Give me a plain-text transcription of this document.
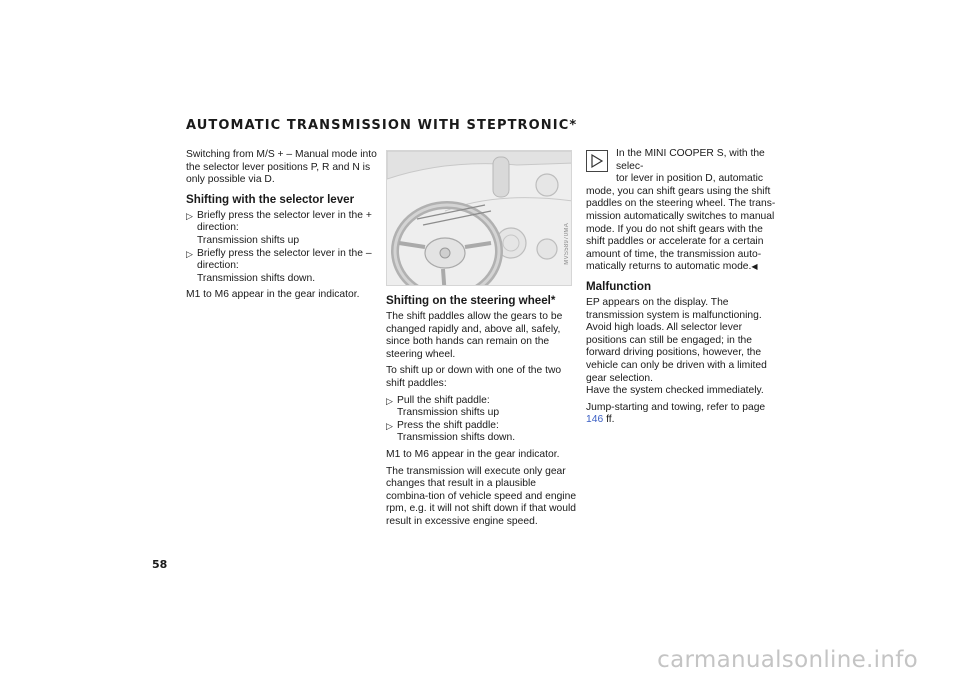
AUTOMATIC TRANSMISSION WITH STEPTRONIC*
Switching from M/S + – Manual mode into the selector lever positions P, R and N is only possible via D.
Shifting with the selector lever
▷ Briefly press the selector lever in the +
direction:
Transmission shifts up
▷ Briefly press the selector lever in the –
direction:
Transmission shifts down.
M1 to M6 appear in the gear indicator.
MVS58970MA
Shifting on the steering wheel*
The shift paddles allow the gears to be changed rapidly and, above all, safely, since both hands can remain on the steering wheel.
To shift up or down with one of the two shift paddles:
▷ Pull the shift paddle:
Transmission shifts up
▷ Press the shift paddle:
Transmission shifts down.
M1 to M6 appear in the gear indicator.
The transmission will execute only gear changes that result in a plausible combina-tion of vehicle speed and engine rpm, e.g. it will not shift down if that would result in excessive engine speed.
In the MINI COOPER S, with the selec-
tor lever in position D, automatic
mode, you can shift gears using the shift paddles on the steering wheel. The trans-mission automatically switches to manual mode. If you do not shift gears with the shift paddles or accelerate for a certain amount of time, the transmission auto-matically returns to automatic mode.◀
Malfunction
EP appears on the display. The transmission system is malfunctioning. Avoid high loads. All selector lever positions can still be engaged; in the forward driving positions, however, the vehicle can only be driven with a limited gear selection.
Have the system checked immediately.
Jump-starting and towing, refer to page 146 ff.
58
carmanualsonline.info
